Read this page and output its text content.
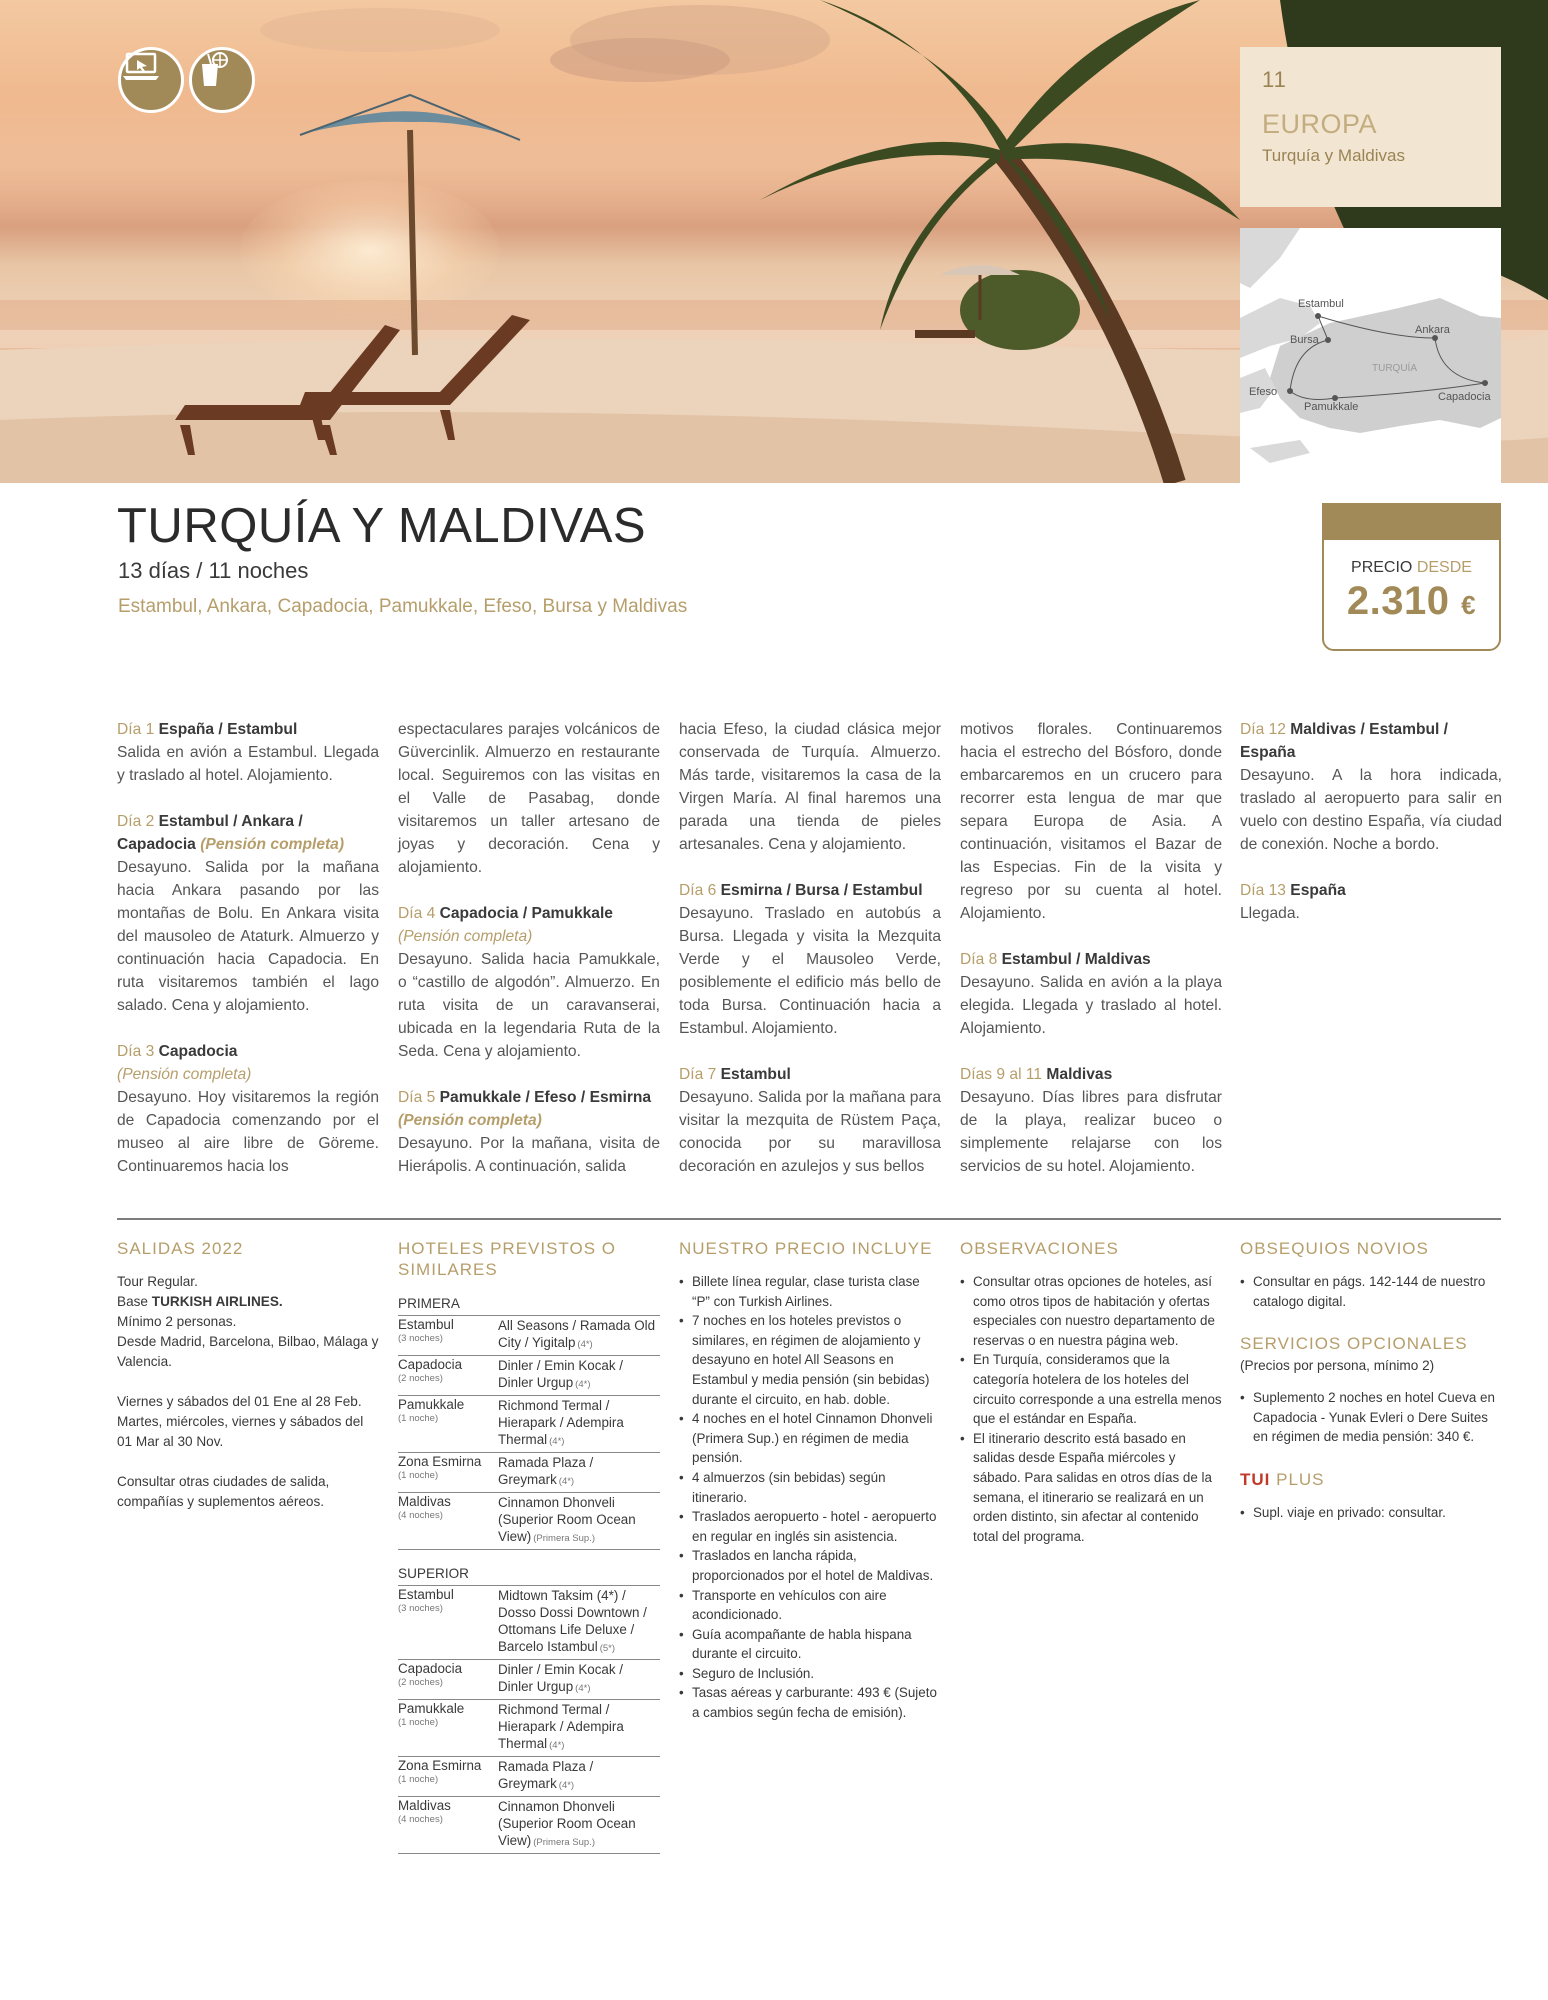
11
EUROPA
Turquía y Maldivas
TURQUÍA
Estambul
Bursa
Ankara
Efeso
Pamukkale
Capadocia
TURQUÍA Y MALDIVAS
13 días / 11 noches
Estambul, Ankara, Capadocia, Pamukkale, Efeso, Bursa y Maldivas
PRECIO DESDE
2.310 €
Día 1 España / Estambul
Salida en avión a Estambul. Llegada y traslado al hotel. Alojamiento.
Día 2 Estambul / Ankara / Capadocia (Pensión completa)
Desayuno. Salida por la mañana hacia Ankara pasando por las montañas de Bolu. En Ankara visita del mausoleo de Ataturk. Almuerzo y continuación hacia Capadocia. En ruta visitaremos también el lago salado. Cena y alojamiento.
Día 3 Capadocia
(Pensión completa)
Desayuno. Hoy visitaremos la región de Capadocia comenzando por el museo al aire libre de Göreme. Continuaremos hacia los
espectaculares parajes volcánicos de Güvercinlik. Almuerzo en restaurante local. Seguiremos con las visitas en el Valle de Pasabag, donde visitaremos un taller artesano de joyas y decoración. Cena y alojamiento.
Día 4 Capadocia / Pamukkale
(Pensión completa)
Desayuno. Salida hacia Pamukkale, o “castillo de algodón”. Almuerzo. En ruta visita de un caravanserai, ubicada en la legendaria Ruta de la Seda. Cena y alojamiento.
Día 5 Pamukkale / Efeso / Esmirna (Pensión completa)
Desayuno. Por la mañana, visita de Hierápolis. A continuación, salida
hacia Efeso, la ciudad clásica mejor conservada de Turquía. Almuerzo. Más tarde, visitaremos la casa de la Virgen María. Al final haremos una parada una tienda de pieles artesanales. Cena y alojamiento.
Día 6 Esmirna / Bursa / Estambul
Desayuno. Traslado en autobús a Bursa. Llegada y visita la Mezquita Verde y el Mausoleo Verde, posiblemente el edificio más bello de toda Bursa. Continuación hacia a Estambul. Alojamiento.
Día 7 Estambul
Desayuno. Salida por la mañana para visitar la mezquita de Rüstem Paça, conocida por su maravillosa decoración en azulejos y sus bellos
motivos florales. Continuaremos hacia el estrecho del Bósforo, donde embarcaremos en un crucero para recorrer esta lengua de mar que separa Europa de Asia. A continuación, visitamos el Bazar de las Especias. Fin de la visita y regreso por su cuenta al hotel. Alojamiento.
Día 8 Estambul / Maldivas
Desayuno. Salida en avión a la playa elegida. Llegada y traslado al hotel. Alojamiento.
Días 9 al 11 Maldivas
Desayuno. Días libres para disfrutar de la playa, realizar buceo o simplemente relajarse con los servicios de su hotel. Alojamiento.
Día 12 Maldivas / Estambul / España
Desayuno. A la hora indicada, traslado al aeropuerto para salir en vuelo con destino España, vía ciudad de conexión. Noche a bordo.
Día 13 España
Llegada.
SALIDAS 2022

Tour Regular.

Base TURKISH AIRLINES.

Mínimo 2 personas.

Desde Madrid, Barcelona, Bilbao, Málaga y Valencia.

Viernes y sábados del 01 Ene al 28 Feb. Martes, miércoles, viernes y sábados del 01 Mar al 30 Nov.

Consultar otras ciudades de salida, compañías y suplementos aéreos.

HOTELES PREVISTOS O SIMILARES
PRIMERA
Estambul
(3 noches)
All Seasons / Ramada Old City / Yigitalp (4*)
Capadocia
(2 noches)
Dinler / Emin Kocak / Dinler Urgup (4*)
Pamukkale
(1 noche)
Richmond Termal / Hierapark / Adempira Thermal (4*)
Zona Esmirna
(1 noche)
Ramada Plaza / Greymark (4*)
Maldivas
(4 noches)
Cinnamon Dhonveli (Superior Room Ocean View) (Primera Sup.)
SUPERIOR
Estambul
(3 noches)
Midtown Taksim (4*) / Dosso Dossi Downtown / Ottomans Life Deluxe / Barcelo Istambul (5*)
Capadocia
(2 noches)
Dinler / Emin Kocak / Dinler Urgup (4*)
Pamukkale
(1 noche)
Richmond Termal / Hierapark / Adempira Thermal (4*)
Zona Esmirna
(1 noche)
Ramada Plaza / Greymark (4*)
Maldivas
(4 noches)
Cinnamon Dhonveli (Superior Room Ocean View) (Primera Sup.)
NUESTRO PRECIO INCLUYE
• Billete línea regular, clase turista clase “P” con Turkish Airlines.
• 7 noches en los hoteles previstos o similares, en régimen de alojamiento y desayuno en hotel All Seasons en Estambul y media pensión (sin bebidas) durante el circuito, en hab. doble.
• 4 noches en el hotel Cinnamon Dhonveli (Primera Sup.) en régimen de media pensión.
• 4 almuerzos (sin bebidas) según itinerario.
• Traslados aeropuerto - hotel - aeropuerto en regular en inglés sin asistencia.
• Traslados en lancha rápida, proporcionados por el hotel de Maldivas.
• Transporte en vehículos con aire acondicionado.
• Guía acompañante de habla hispana durante el circuito.
• Seguro de Inclusión.
• Tasas aéreas y carburante: 493 € (Sujeto a cambios según fecha de emisión).
OBSERVACIONES
• Consultar otras opciones de hoteles, así como otros tipos de habitación y ofertas especiales con nuestro departamento de reservas o en nuestra página web.
• En Turquía, consideramos que la categoría hotelera de los hoteles del circuito corresponde a una estrella menos que el estándar en España.
• El itinerario descrito está basado en salidas desde España miércoles y sábado. Para salidas en otros días de la semana, el itinerario se realizará en un orden distinto, sin afectar al contenido total del programa.
OBSEQUIOS NOVIOS
• Consultar en págs. 142-144 de nuestro catalogo digital.
SERVICIOS OPCIONALES

(Precios por persona, mínimo 2)

• Suplemento 2 noches en hotel Cueva en Capadocia - Yunak Evleri o Dere Suites en régimen de media pensión: 340 €.
TUI PLUS
• Supl. viaje en privado: consultar.
